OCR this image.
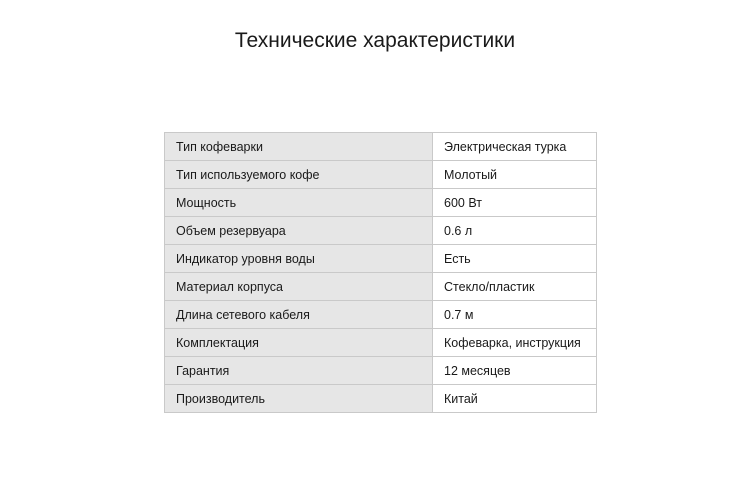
Технические характеристики
Тип кофеварки	Электрическая турка
Тип используемого кофе	Молотый
Мощность	600 Вт
Объем резервуара	0.6 л
Индикатор уровня воды	Есть
Материал корпуса	Стекло/пластик
Длина сетевого кабеля	0.7 м
Комплектация	Кофеварка, инструкция
Гарантия	12 месяцев
Производитель	Китай
